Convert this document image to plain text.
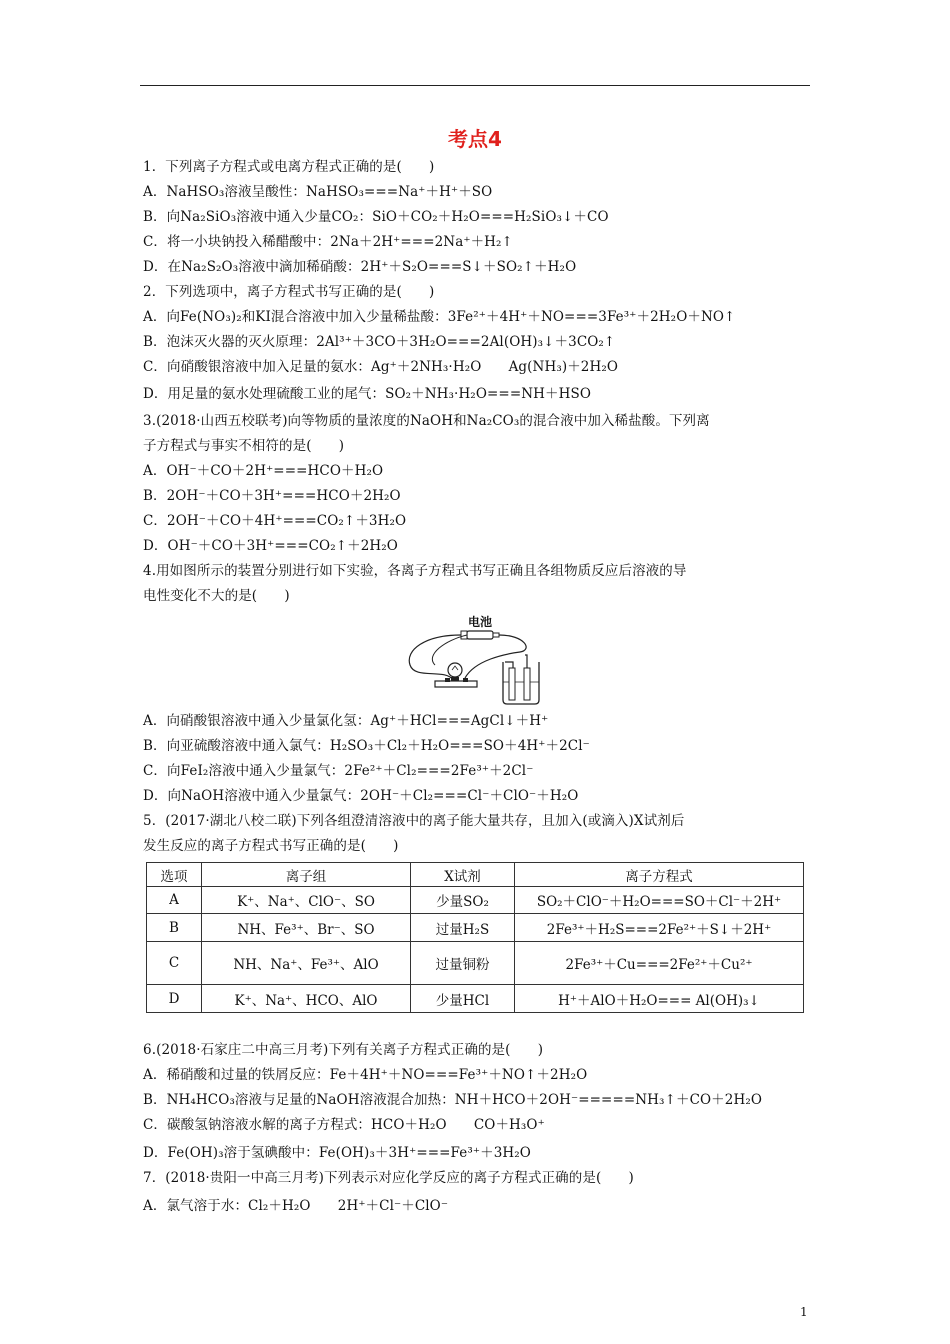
考点4
1．下列离子方程式或电离方程式正确的是(　　)
A．NaHSO₃溶液呈酸性：NaHSO₃===Na⁺＋H⁺＋SO
B．向Na₂SiO₃溶液中通入少量CO₂：SiO＋CO₂＋H₂O===H₂SiO₃↓＋CO
C．将一小块钠投入稀醋酸中：2Na＋2H⁺===2Na⁺＋H₂↑
D．在Na₂S₂O₃溶液中滴加稀硝酸：2H⁺＋S₂O===S↓＋SO₂↑＋H₂O
2．下列选项中，离子方程式书写正确的是(　　)
A．向Fe(NO₃)₂和KI混合溶液中加入少量稀盐酸：3Fe²⁺＋4H⁺＋NO===3Fe³⁺＋2H₂O＋NO↑
B．泡沫灭火器的灭火原理：2Al³⁺＋3CO＋3H₂O===2Al(OH)₃↓＋3CO₂↑
C．向硝酸银溶液中加入足量的氨水：Ag⁺＋2NH₃·H₂O　　Ag(NH₃)＋2H₂O
D．用足量的氨水处理硫酸工业的尾气：SO₂＋NH₃·H₂O===NH＋HSO
3.(2018·山西五校联考)向等物质的量浓度的NaOH和Na₂CO₃的混合液中加入稀盐酸。下列离
子方程式与事实不相符的是(　　)
A．OH⁻＋CO＋2H⁺===HCO＋H₂O
B．2OH⁻＋CO＋3H⁺===HCO＋2H₂O
C．2OH⁻＋CO＋4H⁺===CO₂↑＋3H₂O
D．OH⁻＋CO＋3H⁺===CO₂↑＋2H₂O
4.用如图所示的装置分别进行如下实验，各离子方程式书写正确且各组物质反应后溶液的导
电性变化不大的是(　　)
电池
A．向硝酸银溶液中通入少量氯化氢：Ag⁺＋HCl===AgCl↓＋H⁺
B．向亚硫酸溶液中通入氯气：H₂SO₃＋Cl₂＋H₂O===SO＋4H⁺＋2Cl⁻
C．向FeI₂溶液中通入少量氯气：2Fe²⁺＋Cl₂===2Fe³⁺＋2Cl⁻
D．向NaOH溶液中通入少量氯气：2OH⁻＋Cl₂===Cl⁻＋ClO⁻＋H₂O
5．(2017·湖北八校二联)下列各组澄清溶液中的离子能大量共存，且加入(或滴入)X试剂后
发生反应的离子方程式书写正确的是(　　)
选项	离子组	X试剂	离子方程式
A	K⁺、Na⁺、ClO⁻、SO	少量SO₂	SO₂＋ClO⁻＋H₂O===SO＋Cl⁻＋2H⁺
B	NH、Fe³⁺、Br⁻、SO	过量H₂S	2Fe³⁺＋H₂S===2Fe²⁺＋S↓＋2H⁺
C	NH、Na⁺、Fe³⁺、AlO	过量铜粉	2Fe³⁺＋Cu===2Fe²⁺＋Cu²⁺
D	K⁺、Na⁺、HCO、AlO	少量HCl	H⁺＋AlO＋H₂O=== Al(OH)₃↓
6.(2018·石家庄二中高三月考)下列有关离子方程式正确的是(　　)
A．稀硝酸和过量的铁屑反应：Fe＋4H⁺＋NO===Fe³⁺＋NO↑＋2H₂O
B．NH₄HCO₃溶液与足量的NaOH溶液混合加热：NH＋HCO＋2OH⁻=====NH₃↑＋CO＋2H₂O
C．碳酸氢钠溶液水解的离子方程式：HCO＋H₂O　　CO＋H₃O⁺
D．Fe(OH)₃溶于氢碘酸中：Fe(OH)₃＋3H⁺===Fe³⁺＋3H₂O
7．(2018·贵阳一中高三月考)下列表示对应化学反应的离子方程式正确的是(　　)
A．氯气溶于水：Cl₂＋H₂O　　2H⁺＋Cl⁻＋ClO⁻
1
